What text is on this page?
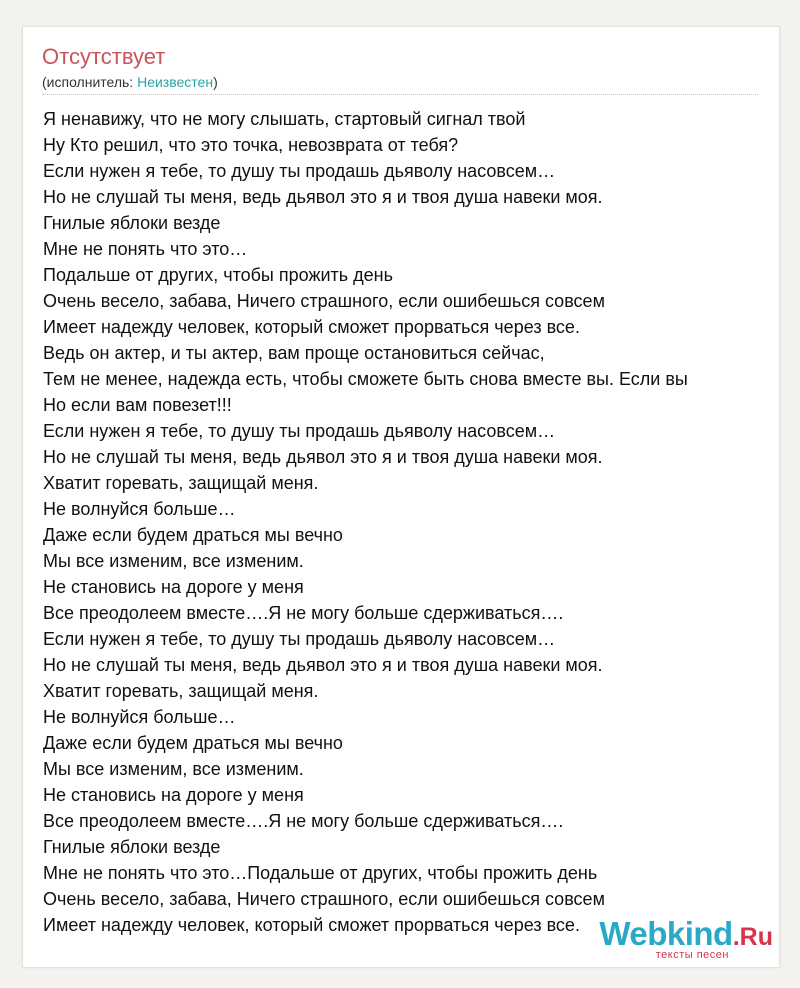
Отсутствует
(исполнитель: Неизвестен)
Я ненавижу, что не могу слышать, стартовый сигнал твой
Ну Кто решил, что это точка, невозврата от тебя?
Если нужен я тебе, то душу ты продашь дьяволу насовсем…
Но не слушай ты меня, ведь дьявол это я и твоя душа навеки моя.
Гнилые яблоки везде
Мне не понять что это…
Подальше от других, чтобы прожить день
Очень весело, забава, Ничего страшного, если ошибешься совсем
Имеет надежду человек, который сможет прорваться через все.
Ведь он актер, и ты актер, вам проще остановиться сейчас,
Тем не менее, надежда есть, чтобы сможете быть снова вместе вы. Если вы
Но если вам повезет!!!
Если нужен я тебе, то душу ты продашь дьяволу насовсем…
Но не слушай ты меня, ведь дьявол это я и твоя душа навеки моя.
Хватит горевать, защищай меня.
Не волнуйся больше…
Даже если будем драться мы вечно
Мы все изменим, все изменим.
Не становись на дороге у меня
Все преодолеем вместе….Я не могу больше сдерживаться….
Если нужен я тебе, то душу ты продашь дьяволу насовсем…
Но не слушай ты меня, ведь дьявол это я и твоя душа навеки моя.
Хватит горевать, защищай меня.
Не волнуйся больше…
Даже если будем драться мы вечно
Мы все изменим, все изменим.
Не становись на дороге у меня
Все преодолеем вместе….Я не могу больше сдерживаться….
Гнилые яблоки везде
Мне не понять что это…Подальше от других, чтобы прожить день
Очень весело, забава, Ничего страшного, если ошибешься совсем
Имеет надежду человек, который сможет прорваться через все. Webkind.Ru
тексты песен
